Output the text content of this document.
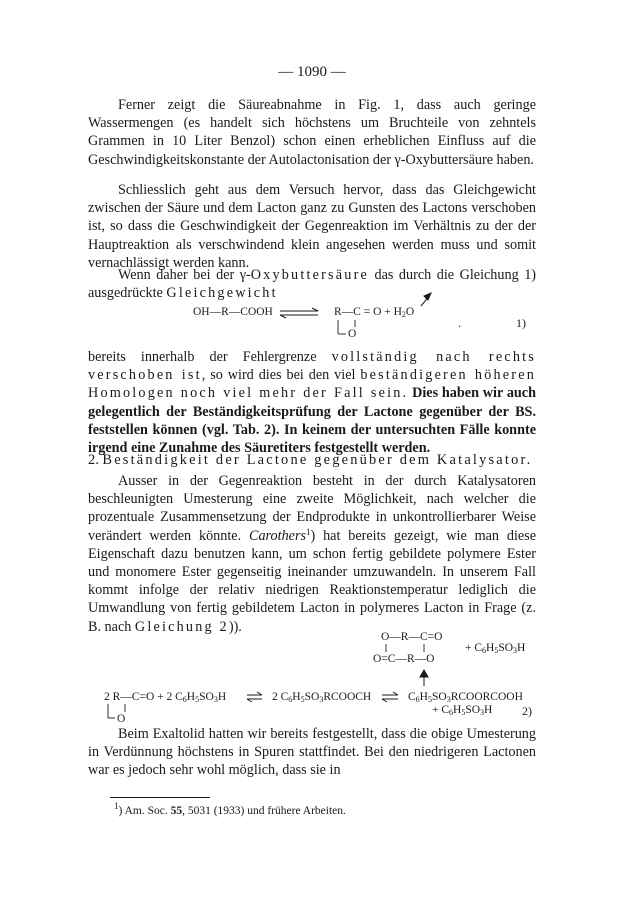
— 1090 —
Ferner zeigt die Säureabnahme in Fig. 1, dass auch geringe Wassermengen (es handelt sich höchstens um Bruchteile von zehntels Grammen in 10 Liter Benzol) schon einen erheblichen Einfluss auf die Geschwindigkeitskonstante der Autolactonisation der γ-Oxybuttersäure haben.
Schliesslich geht aus dem Versuch hervor, dass das Gleichgewicht zwischen der Säure und dem Lacton ganz zu Gunsten des Lactons verschoben ist, so dass die Geschwindigkeit der Gegenreaktion im Verhältnis zu der der Hauptreaktion als verschwindend klein angesehen werden muss und somit vernachlässigt werden kann.
Wenn daher bei der γ-Oxybuttersäure das durch die Gleichung 1) ausgedrückte Gleichgewicht
OH—R—COOH	R—C = $O + H_2O$
O
.	1)
bereits innerhalb der Fehlergrenze vollständig nach rechts verschoben ist, so wird dies bei den viel beständigeren höheren Homologen noch viel mehr der Fall sein. Dies haben wir auch gelegentlich der Beständigkeitsprüfung der Lactone gegenüber der BS. feststellen können (vgl. Tab. 2). In keinem der untersuchten Fälle konnte irgend eine Zunahme des Säuretiters festgestellt werden.
2. Beständigkeit der Lactone gegenüber dem Katalysator.
Ausser in der Gegenreaktion besteht in der durch Katalysatoren beschleunigten Umesterung eine zweite Möglichkeit, nach welcher die prozentuale Zusammensetzung der Endprodukte in unkontrollierbarer Weise verändert werden könnte. Carothers$^1$) hat bereits gezeigt, wie man diese Eigenschaft dazu benutzen kann, um schon fertig gebildete polymere Ester und monomere Ester gegenseitig ineinander umzuwandeln. In unserem Fall kommt infolge der relativ niedrigen Reaktionstemperatur lediglich die Umwandlung von fertig gebildetem Lacton in polymeres Lacton in Frage (z. B. nach Gleichung 2)).
O—R—C=O
O=C—R—O
+ $C_6H_5SO_3H$
2 R—C=O + 2 $C_6H_5SO_3H$	2 $C_6H_5SO_3RCOOCH$	$C_6H_5SO_3RCOORCOOH$
+ $C_6H_5SO_3H$
O
2)
Beim Exaltolid hatten wir bereits festgestellt, dass die obige Umesterung in Verdünnung höchstens in Spuren stattfindet. Bei den niedrigeren Lactonen war es jedoch sehr wohl möglich, dass sie in
$^1$) Am. Soc. 55, 5031 (1933) und frühere Arbeiten.
